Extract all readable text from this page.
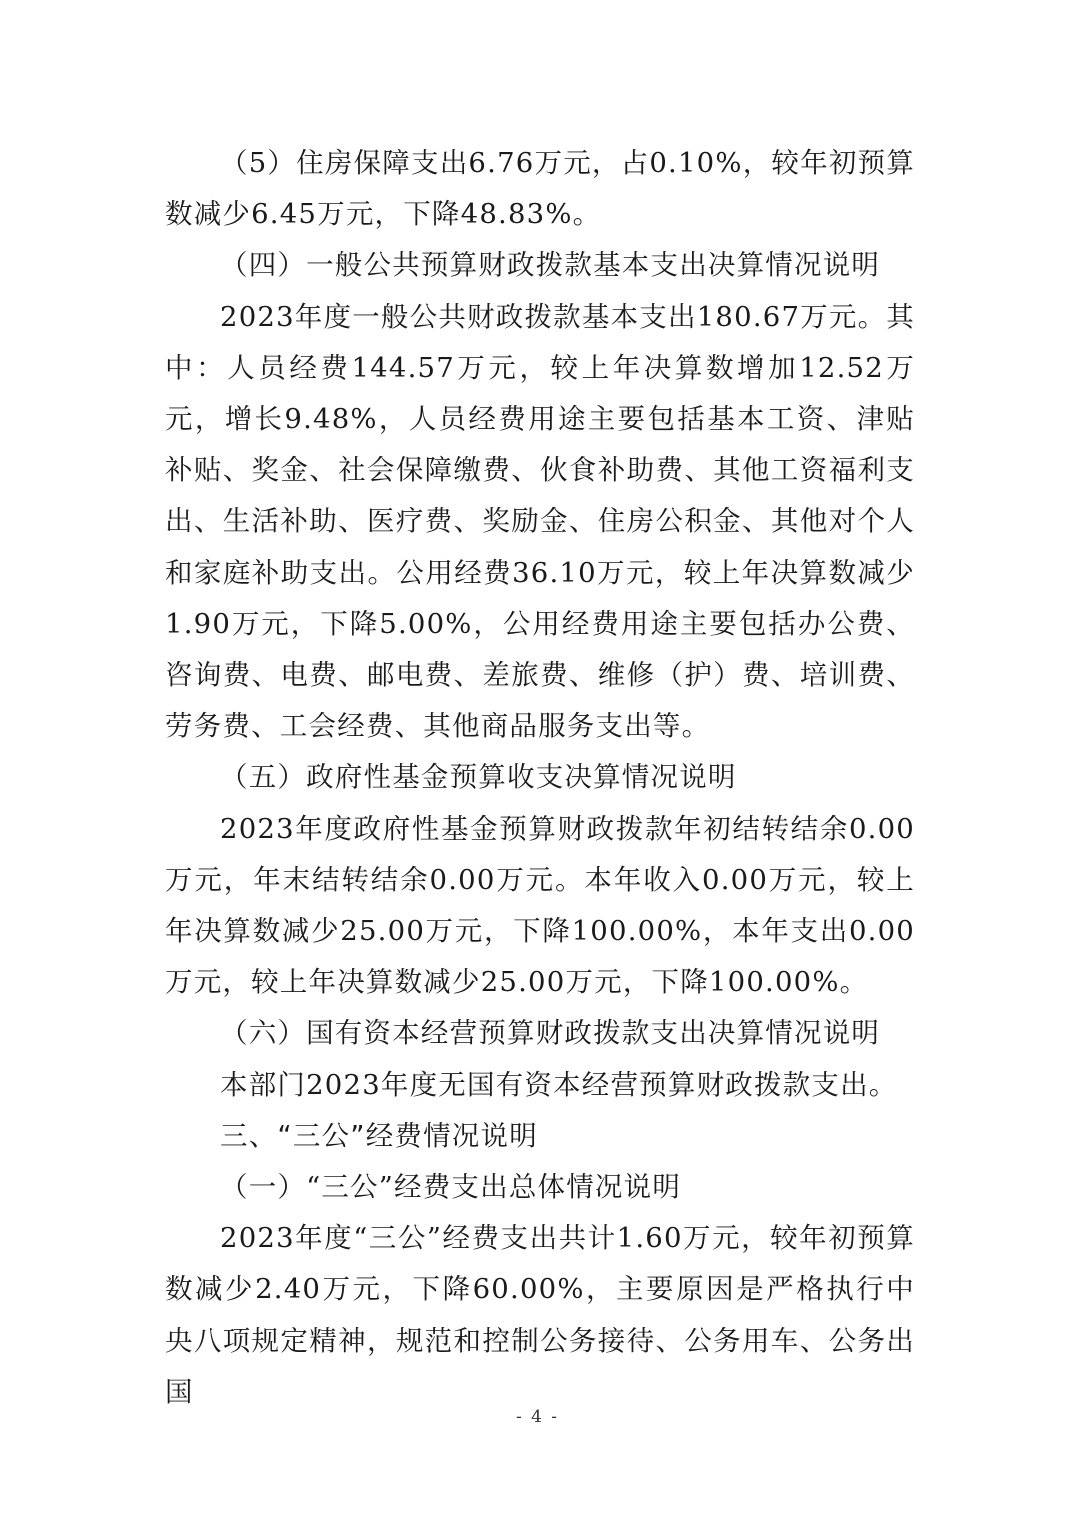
（5）住房保障支出6.76万元，占0.10%，较年初预算数减少6.45万元，下降48.83%。

（四）一般公共预算财政拨款基本支出决算情况说明

2023年度一般公共财政拨款基本支出180.67万元。其中：人员经费144.57万元，较上年决算数增加12.52万元，增长9.48%，人员经费用途主要包括基本工资、津贴补贴、奖金、社会保障缴费、伙食补助费、其他工资福利支出、生活补助、医疗费、奖励金、住房公积金、其他对个人和家庭补助支出。公用经费36.10万元，较上年决算数减少1.90万元，下降5.00%，公用经费用途主要包括办公费、咨询费、电费、邮电费、差旅费、维修（护）费、培训费、劳务费、工会经费、其他商品服务支出等。

（五）政府性基金预算收支决算情况说明

2023年度政府性基金预算财政拨款年初结转结余0.00万元，年末结转结余0.00万元。本年收入0.00万元，较上年决算数减少25.00万元，下降100.00%，本年支出0.00万元，较上年决算数减少25.00万元，下降100.00%。

（六）国有资本经营预算财政拨款支出决算情况说明

本部门2023年度无国有资本经营预算财政拨款支出。

三、“三公”经费情况说明

（一）“三公”经费支出总体情况说明

2023年度“三公”经费支出共计1.60万元，较年初预算数减少2.40万元，下降60.00%，主要原因是严格执行中央八项规定精神，规范和控制公务接待、公务用车、公务出国

- 4 -
